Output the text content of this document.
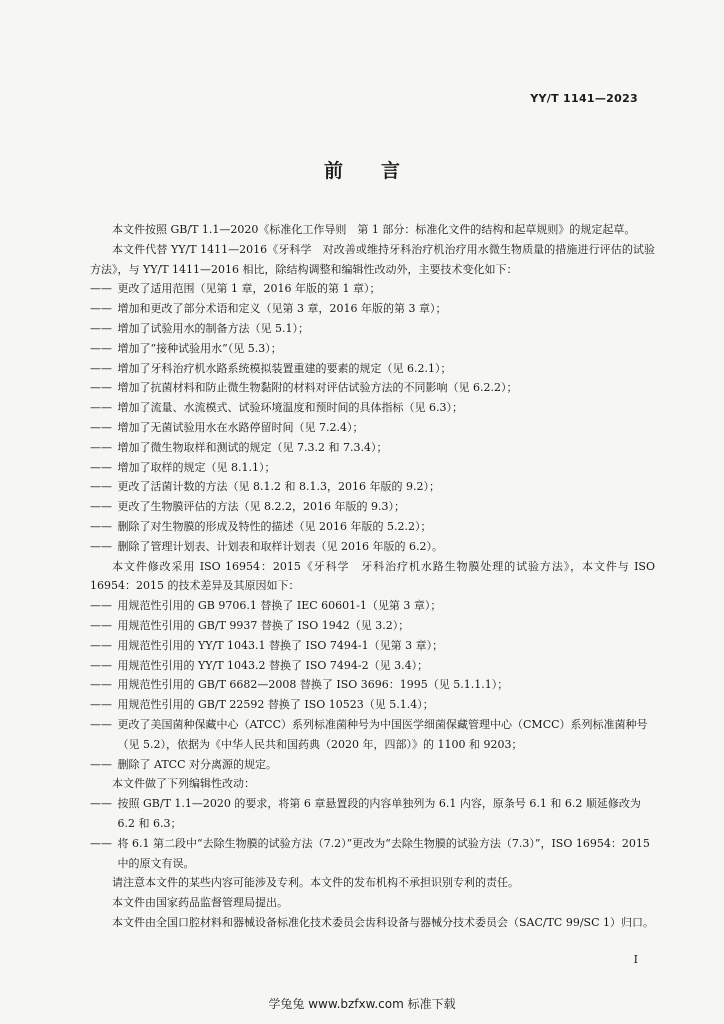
YY/T 1141—2023
前言
本文件按照 GB/T 1.1—2020《标准化工作导则　第 1 部分：标准化文件的结构和起草规则》的规定起草。
本文件代替 YY/T 1411—2016《牙科学　对改善或维持牙科治疗机治疗用水微生物质量的措施进行评估的试验方法》，与 YY/T 1411—2016 相比，除结构调整和编辑性改动外，主要技术变化如下：
—— 更改了适用范围（见第 1 章，2016 年版的第 1 章）；
—— 增加和更改了部分术语和定义（见第 3 章，2016 年版的第 3 章）；
—— 增加了试验用水的制备方法（见 5.1）；
—— 增加了“接种试验用水”（见 5.3）；
—— 增加了牙科治疗机水路系统模拟装置重建的要素的规定（见 6.2.1）；
—— 增加了抗菌材料和防止微生物黏附的材料对评估试验方法的不同影响（见 6.2.2）；
—— 增加了流量、水流模式、试验环境温度和预时间的具体指标（见 6.3）；
—— 增加了无菌试验用水在水路停留时间（见 7.2.4）；
—— 增加了微生物取样和测试的规定（见 7.3.2 和 7.3.4）；
—— 增加了取样的规定（见 8.1.1）；
—— 更改了活菌计数的方法（见 8.1.2 和 8.1.3，2016 年版的 9.2）；
—— 更改了生物膜评估的方法（见 8.2.2，2016 年版的 9.3）；
—— 删除了对生物膜的形成及特性的描述（见 2016 年版的 5.2.2）；
—— 删除了管理计划表、计划表和取样计划表（见 2016 年版的 6.2）。
本文件修改采用 ISO 16954：2015《牙科学　牙科治疗机水路生物膜处理的试验方法》，本文件与 ISO 16954：2015 的技术差异及其原因如下：
—— 用规范性引用的 GB 9706.1 替换了 IEC 60601-1（见第 3 章）；
—— 用规范性引用的 GB/T 9937 替换了 ISO 1942（见 3.2）；
—— 用规范性引用的 YY/T 1043.1 替换了 ISO 7494-1（见第 3 章）；
—— 用规范性引用的 YY/T 1043.2 替换了 ISO 7494-2（见 3.4）；
—— 用规范性引用的 GB/T 6682—2008 替换了 ISO 3696：1995（见 5.1.1.1）；
—— 用规范性引用的 GB/T 22592 替换了 ISO 10523（见 5.1.4）；
—— 更改了美国菌种保藏中心（ATCC）系列标准菌种号为中国医学细菌保藏管理中心（CMCC）系列标准菌种号（见 5.2），依据为《中华人民共和国药典（2020 年，四部）》的 1100 和 9203；
—— 删除了 ATCC 对分离源的规定。
本文件做了下列编辑性改动：
—— 按照 GB/T 1.1—2020 的要求，将第 6 章悬置段的内容单独列为 6.1 内容，原条号 6.1 和 6.2 顺延修改为 6.2 和 6.3；
—— 将 6.1 第二段中“去除生物膜的试验方法（7.2）”更改为“去除生物膜的试验方法（7.3）”，ISO 16954：2015 中的原文有误。
请注意本文件的某些内容可能涉及专利。本文件的发布机构不承担识别专利的责任。
本文件由国家药品监督管理局提出。
本文件由全国口腔材料和器械设备标准化技术委员会齿科设备与器械分技术委员会（SAC/TC 99/SC 1）归口。
I
学兔兔 www.bzfxw.com 标准下载
